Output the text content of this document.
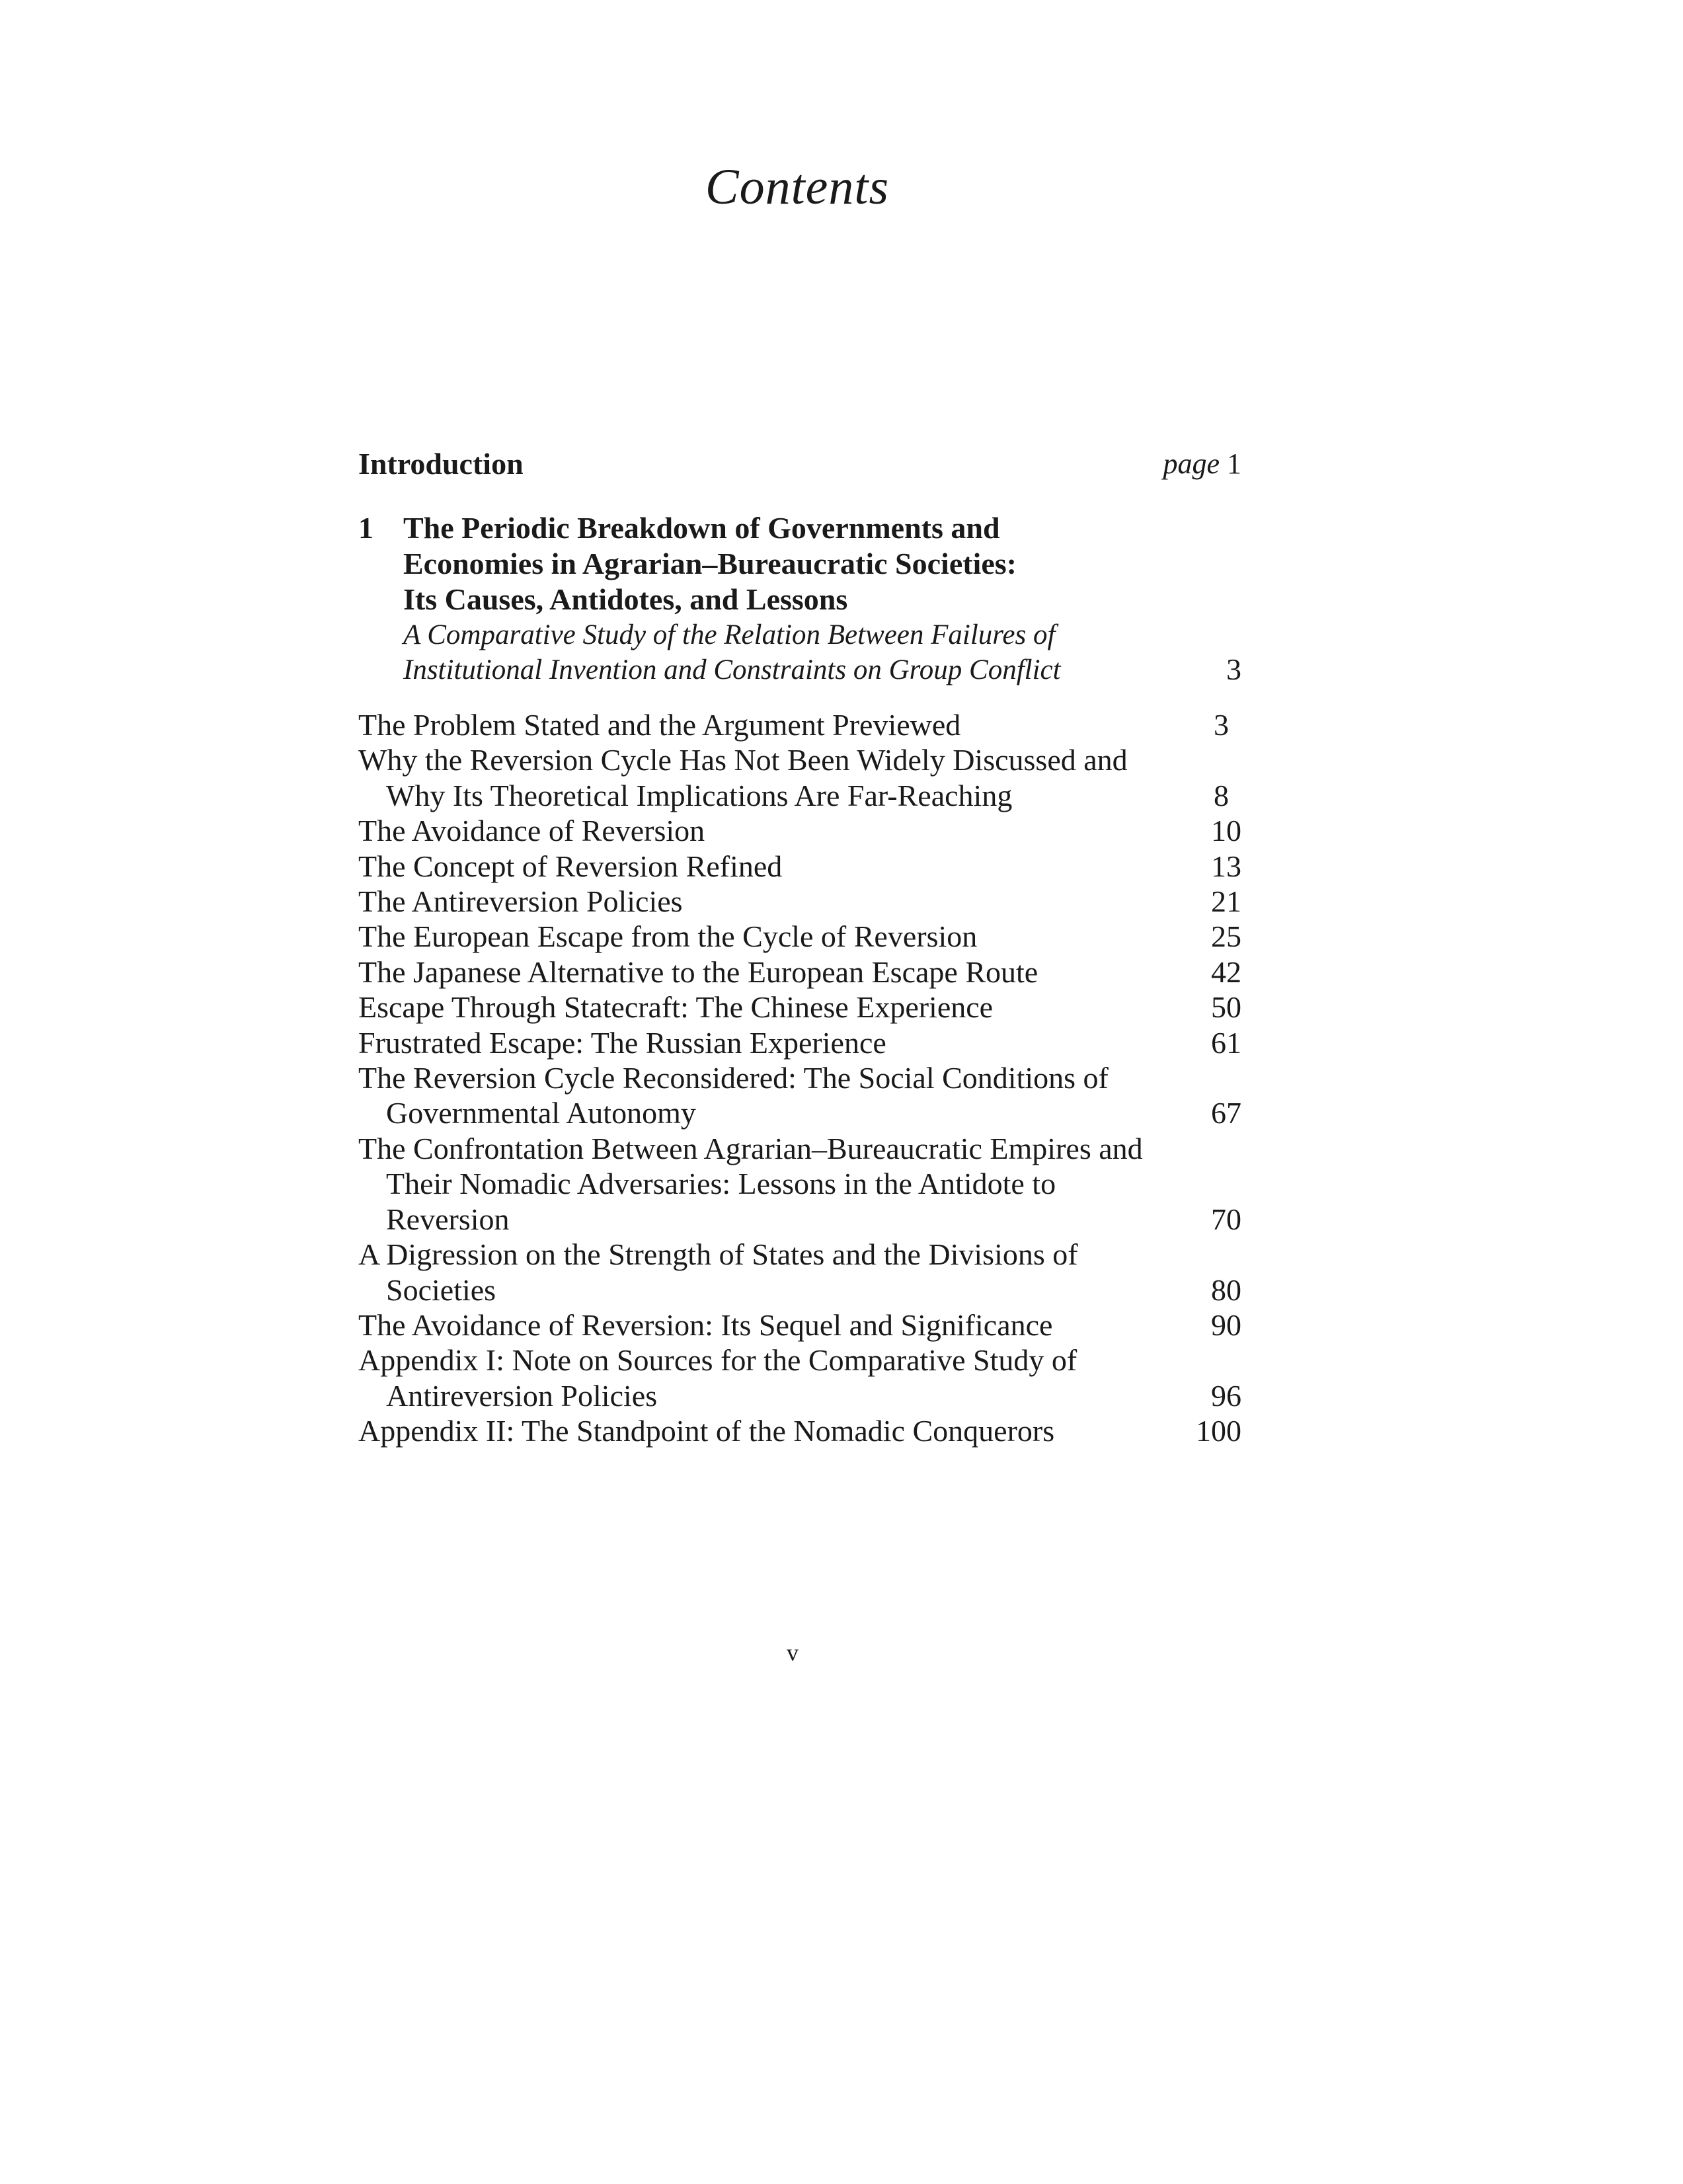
Contents
Introduction	page 1
1 The Periodic Breakdown of Governments and
Economies in Agrarian–Bureaucratic Societies:
Its Causes, Antidotes, and Lessons
A Comparative Study of the Relation Between Failures of
Institutional Invention and Constraints on Group Conflict	3
The Problem Stated and the Argument Previewed	3
Why the Reversion Cycle Has Not Been Widely Discussed and Why Its Theoretical Implications Are Far-Reaching	8
The Avoidance of Reversion	10
The Concept of Reversion Refined	13
The Antireversion Policies	21
The European Escape from the Cycle of Reversion	25
The Japanese Alternative to the European Escape Route	42
Escape Through Statecraft: The Chinese Experience	50
Frustrated Escape: The Russian Experience	61
The Reversion Cycle Reconsidered: The Social Conditions of Governmental Autonomy	67
The Confrontation Between Agrarian–Bureaucratic Empires and Their Nomadic Adversaries: Lessons in the Antidote to Reversion	70
A Digression on the Strength of States and the Divisions of Societies	80
The Avoidance of Reversion: Its Sequel and Significance	90
Appendix I: Note on Sources for the Comparative Study of Antireversion Policies	96
Appendix II: The Standpoint of the Nomadic Conquerors	100
v
